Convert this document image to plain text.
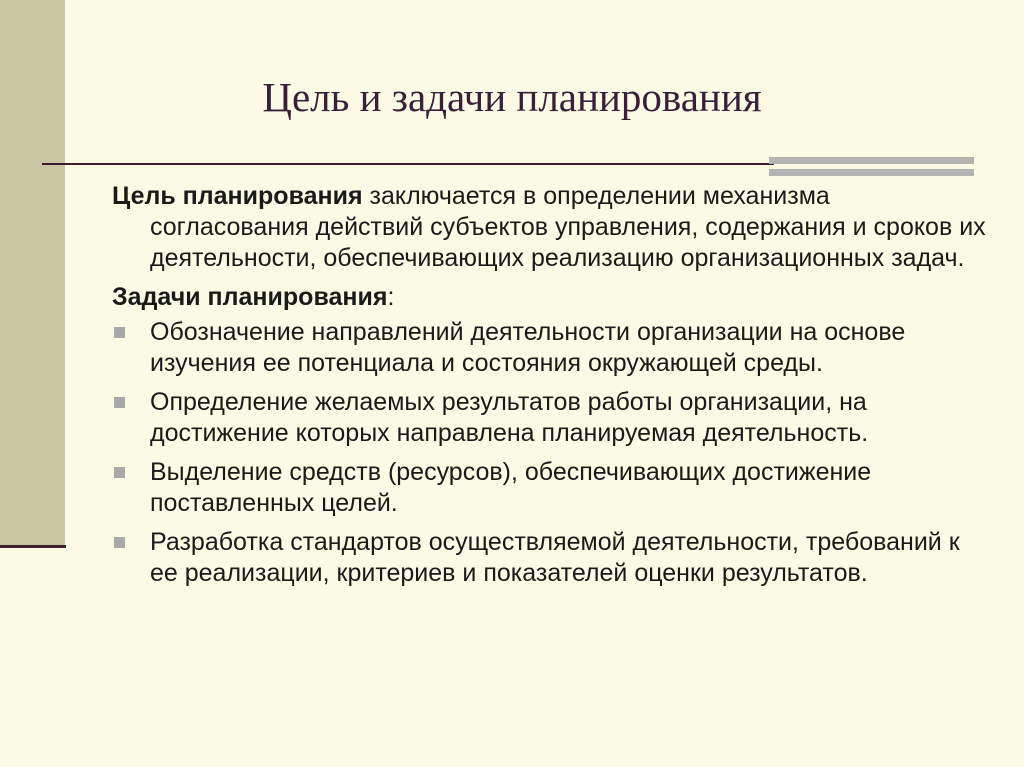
Цель и задачи планирования

Цель планирования заключается в определении механизма согласования действий субъектов управления, содержания и сроков их деятельности, обеспечивающих реализацию организационных задач.

Задачи планирования:

Обозначение направлений деятельности организации на основе изучения ее потенциала и состояния окружающей среды.
Определение желаемых результатов работы организации, на достижение которых направлена планируемая деятельность.
Выделение средств (ресурсов), обеспечивающих достижение поставленных целей.
Разработка стандартов осуществляемой деятельности, требований к ее реализации, критериев и показателей оценки результатов.
